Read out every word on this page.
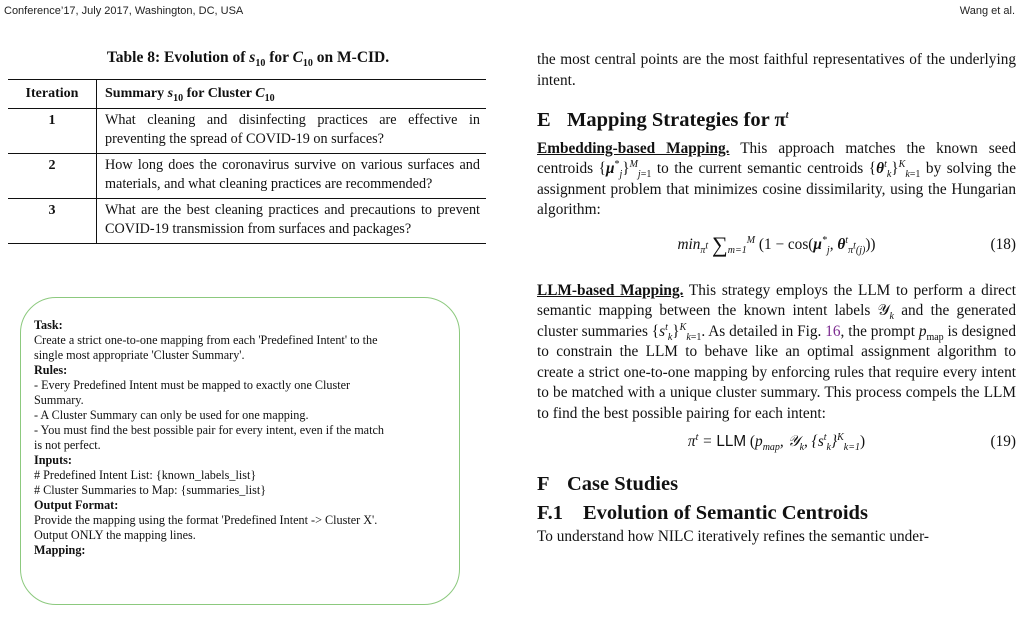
Conference’17, July 2017, Washington, DC, USA	Wang et al.
Table 8: Evolution of $s_{10}$ for $C_{10}$ on M-CID.
Iteration	Summary $s_{10}$ for Cluster $C_{10}$
1	What cleaning and disinfecting practices are effective in preventing the spread of COVID-19 on surfaces?
2	How long does the coronavirus survive on various surfaces and materials, and what cleaning practices are recommended?
3	What are the best cleaning practices and precautions to prevent COVID-19 transmission from surfaces and packages?

Task:

Create a strict one-to-one mapping from each 'Predefined Intent' to the

single most appropriate 'Cluster Summary'.

Rules:

- Every Predefined Intent must be mapped to exactly one Cluster

Summary.

- A Cluster Summary can only be used for one mapping.

- You must find the best possible pair for every intent, even if the match

is not perfect.

Inputs:

# Predefined Intent List: {known_labels_list}

# Cluster Summaries to Map: {summaries_list}

Output Format:

Provide the mapping using the format 'Predefined Intent -> Cluster X'.

Output ONLY the mapping lines.

Mapping:

the most central points are the most faithful representatives of the underlying intent.

E Mapping Strategies for $\pi^t$

Embedding-based Mapping. This approach matches the known seed centroids $\{\mu^*_j\}^M_{j=1}$ to the current semantic centroids $\{\theta^t_k\}^K_{k=1}$ by solving the assignment problem that minimizes cosine dissimilarity, using the Hungarian algorithm:

$\min_{\pi^t} \sum_{m=1}^M$ ($1 - \cos(\mu^*_j$, $\theta^t_{\pi^t(j)}$))	(18)

LLM-based Mapping. This strategy employs the LLM to perform a direct semantic mapping between the known intent labels 𝒴$_k$ and the generated cluster summaries $\{s^t_k\}^K_{k=1}$. As detailed in Fig. 16, the prompt $p_{map}$ is designed to constrain the LLM to behave like an optimal assignment algorithm to create a strict one-to-one mapping by enforcing rules that require every intent to be matched with a unique cluster summary. This process compels the LLM to find the best possible pairing for each intent:

$\pi^t$ = LLM ($p_{map}$, 𝒴$_k$, $\{s^t_k\}^K_{k=1}$)	(19)
F Case Studies
F.1 Evolution of Semantic Centroids

To understand how NILC iteratively refines the semantic under-
